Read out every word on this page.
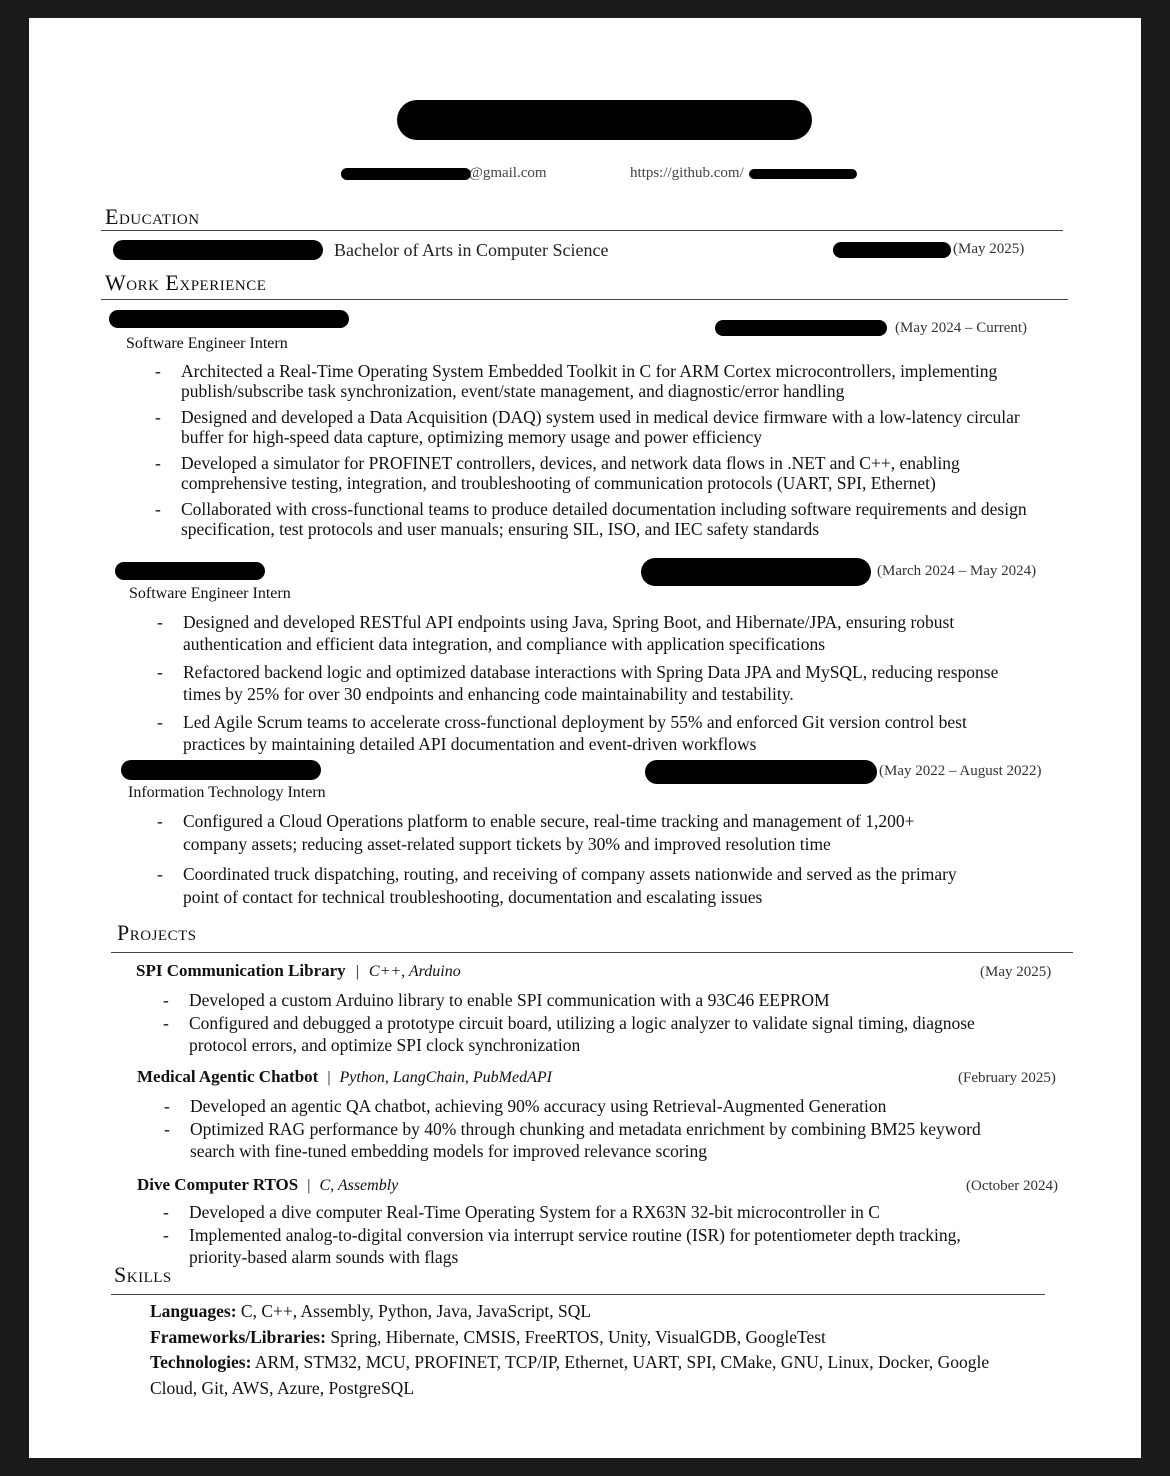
@gmail.com	https://github.com/
Education
Bachelor of Arts in Computer Science	(May 2025)
Work Experience
(May 2024 – Current)
Software Engineer Intern
- Architected a Real-Time Operating System Embedded Toolkit in C for ARM Cortex microcontrollers, implementing publish/subscribe task synchronization, event/state management, and diagnostic/error handling
- Designed and developed a Data Acquisition (DAQ) system used in medical device firmware with a low-latency circular buffer for high-speed data capture, optimizing memory usage and power efficiency
- Developed a simulator for PROFINET controllers, devices, and network data flows in .NET and C++, enabling comprehensive testing, integration, and troubleshooting of communication protocols (UART, SPI, Ethernet)
- Collaborated with cross-functional teams to produce detailed documentation including software requirements and design specification, test protocols and user manuals; ensuring SIL, ISO, and IEC safety standards
(March 2024 – May 2024)
Software Engineer Intern
- Designed and developed RESTful API endpoints using Java, Spring Boot, and Hibernate/JPA, ensuring robust authentication and efficient data integration, and compliance with application specifications
- Refactored backend logic and optimized database interactions with Spring Data JPA and MySQL, reducing response times by 25% for over 30 endpoints and enhancing code maintainability and testability.
- Led Agile Scrum teams to accelerate cross-functional deployment by 55% and enforced Git version control best practices by maintaining detailed API documentation and event-driven workflows
(May 2022 – August 2022)
Information Technology Intern
- Configured a Cloud Operations platform to enable secure, real-time tracking and management of 1,200+ company assets; reducing asset-related support tickets by 30% and improved resolution time
- Coordinated truck dispatching, routing, and receiving of company assets nationwide and served as the primary point of contact for technical troubleshooting, documentation and escalating issues
Projects
SPI Communication Library | C++, Arduino	(May 2025)
- Developed a custom Arduino library to enable SPI communication with a 93C46 EEPROM
- Configured and debugged a prototype circuit board, utilizing a logic analyzer to validate signal timing, diagnose protocol errors, and optimize SPI clock synchronization
Medical Agentic Chatbot | Python, LangChain, PubMedAPI	(February 2025)
- Developed an agentic QA chatbot, achieving 90% accuracy using Retrieval-Augmented Generation
- Optimized RAG performance by 40% through chunking and metadata enrichment by combining BM25 keyword search with fine-tuned embedding models for improved relevance scoring
Dive Computer RTOS | C, Assembly	(October 2024)
- Developed a dive computer Real-Time Operating System for a RX63N 32-bit microcontroller in C
- Implemented analog-to-digital conversion via interrupt service routine (ISR) for potentiometer depth tracking, priority-based alarm sounds with flags
Skills
Languages: C, C++, Assembly, Python, Java, JavaScript, SQL
Frameworks/Libraries: Spring, Hibernate, CMSIS, FreeRTOS, Unity, VisualGDB, GoogleTest
Technologies: ARM, STM32, MCU, PROFINET, TCP/IP, Ethernet, UART, SPI, CMake, GNU, Linux, Docker, Google Cloud, Git, AWS, Azure, PostgreSQL
